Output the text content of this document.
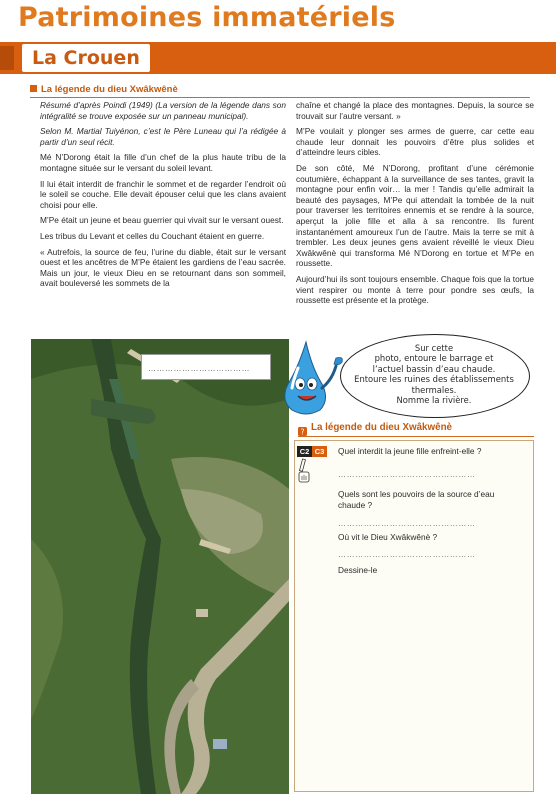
Patrimoines immatériels
La Crouen
La légende du dieu Xwâkwênè

Résumé d’après Poindi (1949) (La version de la légende dans son intégralité se trouve exposée sur un panneau municipal).

Selon M. Martial Tuiyénon, c’est le Père Luneau qui l’a rédigée à partir d’un seul récit.

Mé N’Dorong était la fille d’un chef de la plus haute tribu de la montagne située sur le versant du soleil levant.

Il lui était interdit de franchir le sommet et de regarder l’endroit où le soleil se couche. Elle devait épouser celui que les clans avaient choisi pour elle.

M’Pe était un jeune et beau guerrier qui vivait sur le versant ouest.

Les tribus du Levant et celles du Couchant étaient en guerre.

« Autrefois, la source de feu, l’urine du diable, était sur le versant ouest et les ancêtres de M’Pe étaient les gardiens de l’eau sacrée. Mais un jour, le vieux Dieu en se retournant dans son sommeil, avait bouleversé les sommets de la

chaîne et changé la place des montagnes. Depuis, la source se trouvait sur l’autre versant. »

M’Pe voulait y plonger ses armes de guerre, car cette eau chaude leur donnait les pouvoirs d’être plus solides et d’atteindre leurs cibles.

De son côté, Mé N’Dorong, profitant d’une cérémonie coutumière, échappant à la surveillance de ses tantes, gravit la montagne pour enfin voir… la mer ! Tandis qu’elle admirait la beauté des paysages, M’Pe qui attendait la tombée de la nuit pour traverser les territoires ennemis et se rendre à la source, aperçut la jolie fille et alla à sa rencontre. Ils furent instantanément amoureux l’un de l’autre. Mais la terre se mit à trembler. Les deux jeunes gens avaient réveillé le vieux Dieu Xwâkwênè qui transforma Mé N’Dorong en tortue et M’Pe en roussette.

Aujourd’hui ils sont toujours ensemble. Chaque fois que la tortue vient respirer ou monte à terre pour pondre ses œufs, la roussette est présente et la protège.

………………………………
Sur cette
photo, entoure le barrage et
l’actuel bassin d’eau chaude.
Entoure les ruines des établissements
thermales.
Nomme la rivière.
? La légende du dieu Xwâkwênè
C2 C3	Quel interdit la jeune fille enfreint-elle ?
…………………………………………
Quels sont les pouvoirs de la source d’eau chaude ?
…………………………………………
Où vit le Dieu Xwâkwênè ?
…………………………………………
Dessine-le
